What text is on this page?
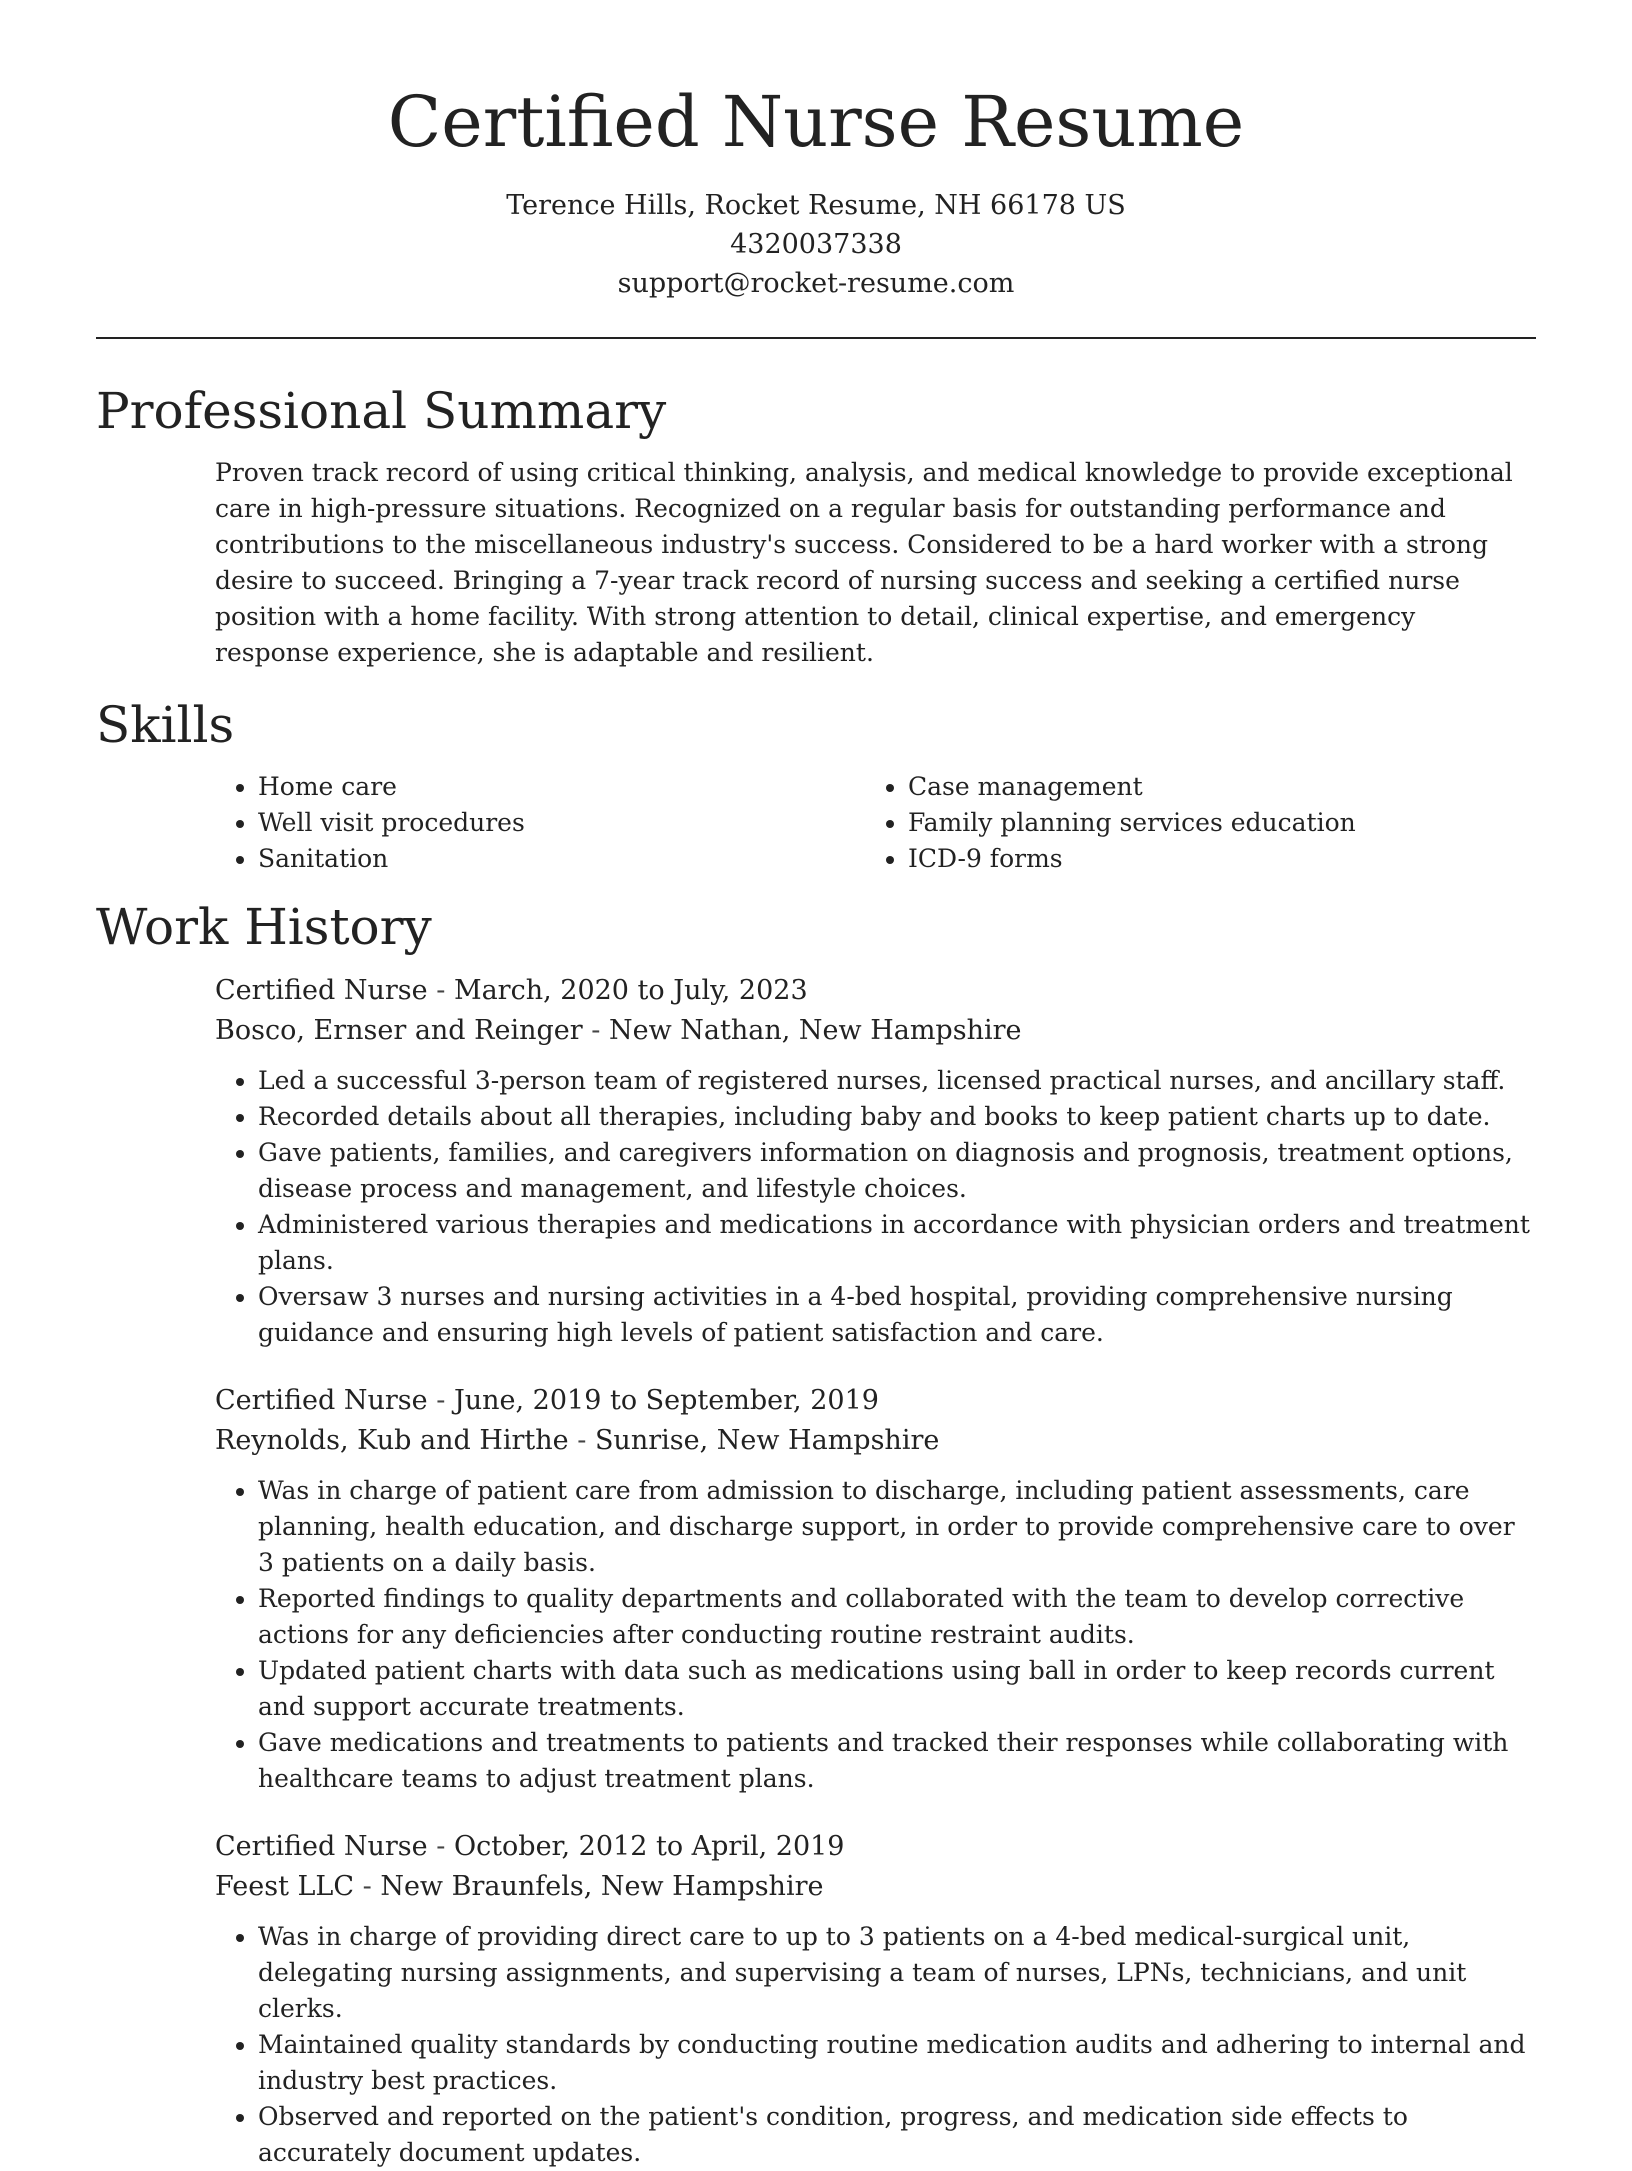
Certified Nurse Resume

Terence Hills, Rocket Resume, NH 66178 US

4320037338

support@rocket-resume.com

Professional Summary

Proven track record of using critical thinking, analysis, and medical knowledge to provide exceptional care in high-pressure situations. Recognized on a regular basis for outstanding performance and contributions to the miscellaneous industry's success. Considered to be a hard worker with a strong desire to succeed. Bringing a 7-year track record of nursing success and seeking a certified nurse position with a home facility. With strong attention to detail, clinical expertise, and emergency response experience, she is adaptable and resilient.

Skills
• Home care
• Well visit procedures
• Sanitation
• Case management
• Family planning services education
• ICD-9 forms
Work History

Certified Nurse - March, 2020 to July, 2023

Bosco, Ernser and Reinger - New Nathan, New Hampshire

• Led a successful 3-person team of registered nurses, licensed practical nurses, and ancillary staff.
• Recorded details about all therapies, including baby and books to keep patient charts up to date.
• Gave patients, families, and caregivers information on diagnosis and prognosis, treatment options, disease process and management, and lifestyle choices.
• Administered various therapies and medications in accordance with physician orders and treatment plans.
• Oversaw 3 nurses and nursing activities in a 4-bed hospital, providing comprehensive nursing guidance and ensuring high levels of patient satisfaction and care.

Certified Nurse - June, 2019 to September, 2019

Reynolds, Kub and Hirthe - Sunrise, New Hampshire

• Was in charge of patient care from admission to discharge, including patient assessments, care planning, health education, and discharge support, in order to provide comprehensive care to over 3 patients on a daily basis.
• Reported findings to quality departments and collaborated with the team to develop corrective actions for any deficiencies after conducting routine restraint audits.
• Updated patient charts with data such as medications using ball in order to keep records current and support accurate treatments.
• Gave medications and treatments to patients and tracked their responses while collaborating with healthcare teams to adjust treatment plans.

Certified Nurse - October, 2012 to April, 2019

Feest LLC - New Braunfels, New Hampshire

• Was in charge of providing direct care to up to 3 patients on a 4-bed medical-surgical unit, delegating nursing assignments, and supervising a team of nurses, LPNs, technicians, and unit clerks.
• Maintained quality standards by conducting routine medication audits and adhering to internal and industry best practices.
• Observed and reported on the patient's condition, progress, and medication side effects to accurately document updates.
